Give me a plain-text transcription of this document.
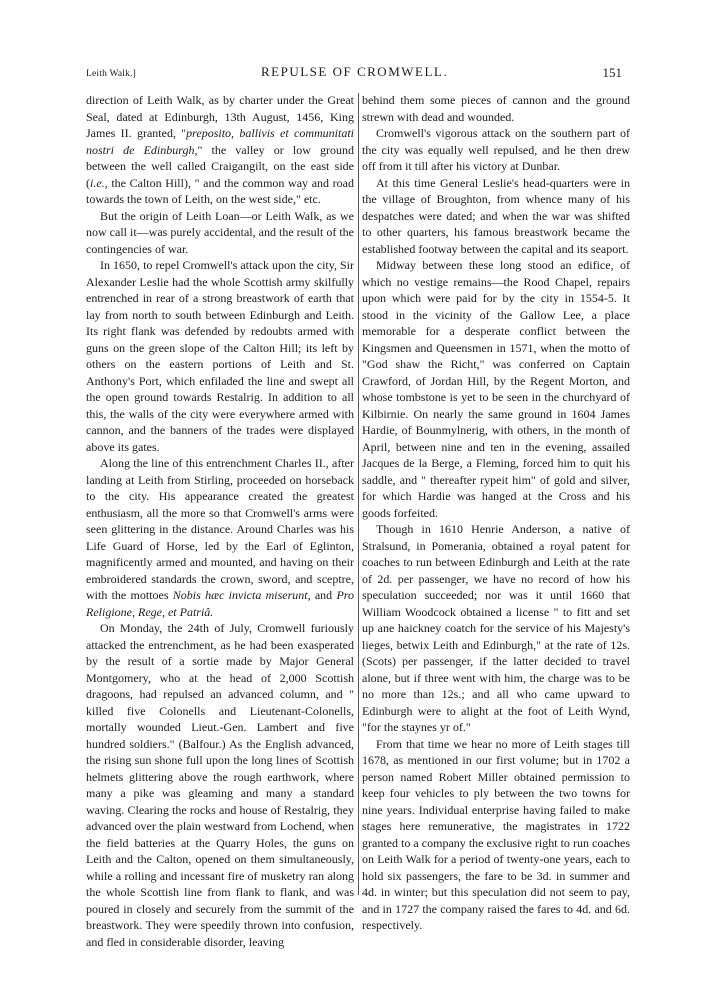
Leith Walk.]	REPULSE OF CROMWELL.	151

direction of Leith Walk, as by charter under the Great Seal, dated at Edinburgh, 13th August, 1456, King James II. granted, "preposito, ballivis et communitati nostri de Edinburgh," the valley or low ground between the well called Craigangilt, on the east side (i.e., the Calton Hill), " and the common way and road towards the town of Leith, on the west side," etc.

But the origin of Leith Loan—or Leith Walk, as we now call it—was purely accidental, and the result of the contingencies of war.

In 1650, to repel Cromwell's attack upon the city, Sir Alexander Leslie had the whole Scottish army skilfully entrenched in rear of a strong breastwork of earth that lay from north to south between Edinburgh and Leith. Its right flank was defended by redoubts armed with guns on the green slope of the Calton Hill; its left by others on the eastern portions of Leith and St. Anthony's Port, which enfiladed the line and swept all the open ground towards Restalrig. In addition to all this, the walls of the city were everywhere armed with cannon, and the banners of the trades were displayed above its gates.

Along the line of this entrenchment Charles II., after landing at Leith from Stirling, proceeded on horseback to the city. His appearance created the greatest enthusiasm, all the more so that Cromwell's arms were seen glittering in the distance. Around Charles was his Life Guard of Horse, led by the Earl of Eglinton, magnificently armed and mounted, and having on their embroidered standards the crown, sword, and sceptre, with the mottoes Nobis hæc invicta miserunt, and Pro Religione, Rege, et Patriâ.

On Monday, the 24th of July, Cromwell furiously attacked the entrenchment, as he had been exasperated by the result of a sortie made by Major General Montgomery, who at the head of 2,000 Scottish dragoons, had repulsed an advanced column, and " killed five Colonells and Lieutenant-Colonells, mortally wounded Lieut.-Gen. Lambert and five hundred soldiers." (Balfour.) As the English advanced, the rising sun shone full upon the long lines of Scottish helmets glittering above the rough earthwork, where many a pike was gleaming and many a standard waving. Clearing the rocks and house of Restalrig, they advanced over the plain westward from Lochend, when the field batteries at the Quarry Holes, the guns on Leith and the Calton, opened on them simultaneously, while a rolling and incessant fire of musketry ran along the whole Scottish line from flank to flank, and was poured in closely and securely from the summit of the breastwork. They were speedily thrown into confusion, and fled in considerable disorder, leaving

behind them some pieces of cannon and the ground strewn with dead and wounded.

Cromwell's vigorous attack on the southern part of the city was equally well repulsed, and he then drew off from it till after his victory at Dunbar.

At this time General Leslie's head-quarters were in the village of Broughton, from whence many of his despatches were dated; and when the war was shifted to other quarters, his famous breastwork became the established footway between the capital and its seaport.

Midway between these long stood an edifice, of which no vestige remains—the Rood Chapel, repairs upon which were paid for by the city in 1554-5. It stood in the vicinity of the Gallow Lee, a place memorable for a desperate conflict between the Kingsmen and Queensmen in 1571, when the motto of "God shaw the Richt," was conferred on Captain Crawford, of Jordan Hill, by the Regent Morton, and whose tombstone is yet to be seen in the churchyard of Kilbirnie. On nearly the same ground in 1604 James Hardie, of Bounmylnerig, with others, in the month of April, between nine and ten in the evening, assailed Jacques de la Berge, a Fleming, forced him to quit his saddle, and " thereafter rypeit him" of gold and silver, for which Hardie was hanged at the Cross and his goods forfeited.

Though in 1610 Henrie Anderson, a native of Stralsund, in Pomerania, obtained a royal patent for coaches to run between Edinburgh and Leith at the rate of 2d. per passenger, we have no record of how his speculation succeeded; nor was it until 1660 that William Woodcock obtained a license " to fitt and set up ane haickney coatch for the service of his Majesty's lieges, betwix Leith and Edinburgh," at the rate of 12s. (Scots) per passenger, if the latter decided to travel alone, but if three went with him, the charge was to be no more than 12s.; and all who came upward to Edinburgh were to alight at the foot of Leith Wynd, "for the staynes yr of."

From that time we hear no more of Leith stages till 1678, as mentioned in our first volume; but in 1702 a person named Robert Miller obtained permission to keep four vehicles to ply between the two towns for nine years. Individual enterprise having failed to make stages here remunerative, the magistrates in 1722 granted to a company the exclusive right to run coaches on Leith Walk for a period of twenty-one years, each to hold six passengers, the fare to be 3d. in summer and 4d. in winter; but this speculation did not seem to pay, and in 1727 the company raised the fares to 4d. and 6d. respectively.
